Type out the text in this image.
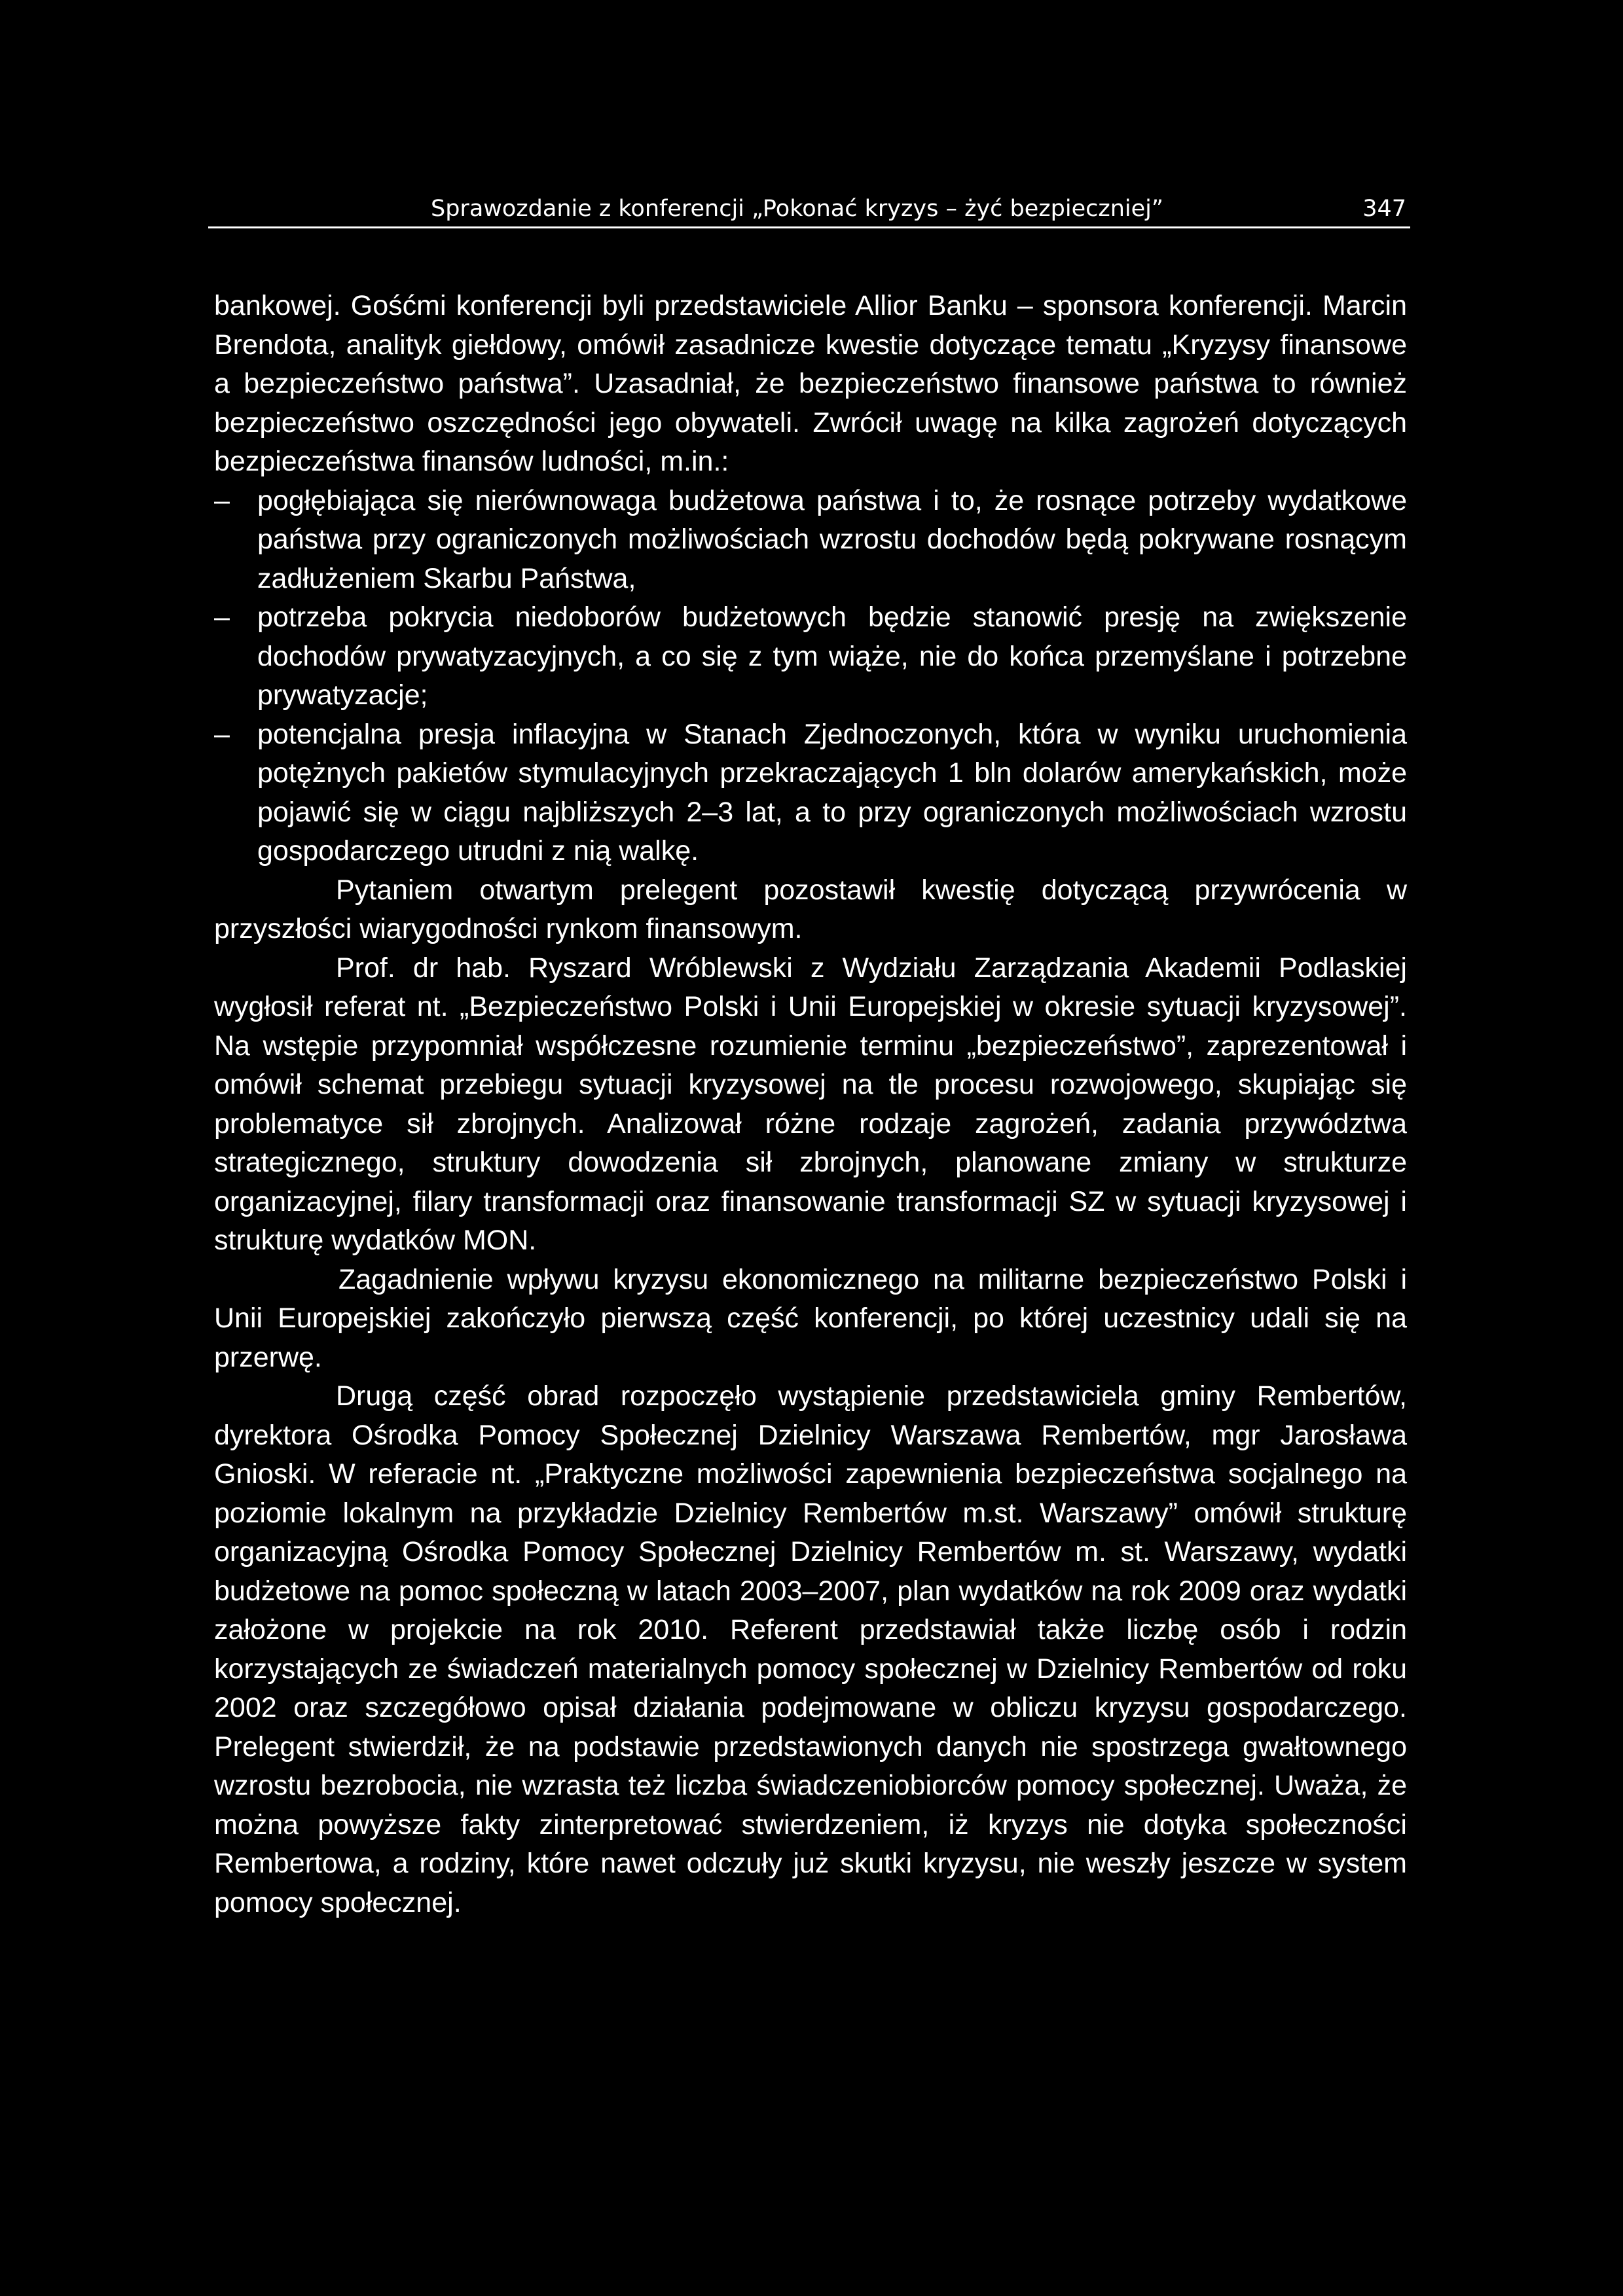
Sprawozdanie z konferencji „Pokonać kryzys – żyć bezpieczniej”	347

bankowej. Gośćmi konferencji byli przedstawiciele Allior Banku – sponsora konferencji. Marcin Brendota, analityk giełdowy, omówił zasadnicze kwestie dotyczące tematu „Kryzysy finansowe a bezpieczeństwo państwa”. Uzasadniał, że bezpieczeństwo finansowe państwa to również bezpieczeństwo oszczędności jego obywateli. Zwrócił uwagę na kilka zagrożeń dotyczących bezpieczeństwa finansów ludności, m.in.:

– pogłębiająca się nierównowaga budżetowa państwa i to, że rosnące potrzeby wydatkowe państwa przy ograniczonych możliwościach wzrostu dochodów będą pokrywane rosnącym zadłużeniem Skarbu Państwa,
– potrzeba pokrycia niedoborów budżetowych będzie stanowić presję na zwiększenie dochodów prywatyzacyjnych, a co się z tym wiąże, nie do końca przemyślane i potrzebne prywatyzacje;
– potencjalna presja inflacyjna w Stanach Zjednoczonych, która w wyniku uruchomienia potężnych pakietów stymulacyjnych przekraczających 1 bln dolarów amerykańskich, może pojawić się w ciągu najbliższych 2–3 lat, a to przy ograniczonych możliwościach wzrostu gospodarczego utrudni z nią walkę.

Pytaniem otwartym prelegent pozostawił kwestię dotyczącą przywrócenia w przyszłości wiarygodności rynkom finansowym.

Prof. dr hab. Ryszard Wróblewski z Wydziału Zarządzania Akademii Podlaskiej wygłosił referat nt. „Bezpieczeństwo Polski i Unii Europejskiej w okresie sytuacji kryzysowej”. Na wstępie przypomniał współczesne rozumienie terminu „bezpieczeństwo”, zaprezentował i omówił schemat przebiegu sytuacji kryzysowej na tle procesu rozwojowego, skupiając się problematyce sił zbrojnych. Analizował różne rodzaje zagrożeń, zadania przywództwa strategicznego, struktury dowodzenia sił zbrojnych, planowane zmiany w strukturze organizacyjnej, filary transformacji oraz finansowanie transformacji SZ w sytuacji kryzysowej i strukturę wydatków MON.

Zagadnienie wpływu kryzysu ekonomicznego na militarne bezpieczeństwo Polski i Unii Europejskiej zakończyło pierwszą część konferencji, po której uczestnicy udali się na przerwę.

Drugą część obrad rozpoczęło wystąpienie przedstawiciela gminy Rembertów, dyrektora Ośrodka Pomocy Społecznej Dzielnicy Warszawa Rembertów, mgr Jarosława Gnioski. W referacie nt. „Praktyczne możliwości zapewnienia bezpieczeństwa socjalnego na poziomie lokalnym na przykładzie Dzielnicy Rembertów m.st. Warszawy” omówił strukturę organizacyjną Ośrodka Pomocy Społecznej Dzielnicy Rembertów m. st. Warszawy, wydatki budżetowe na pomoc społeczną w latach 2003–2007, plan wydatków na rok 2009 oraz wydatki założone w projekcie na rok 2010. Referent przedstawiał także liczbę osób i rodzin korzystających ze świadczeń materialnych pomocy społecznej w Dzielnicy Rembertów od roku 2002 oraz szczegółowo opisał działania podejmowane w obliczu kryzysu gospodarczego. Prelegent stwierdził, że na podstawie przedstawionych danych nie spostrzega gwałtownego wzrostu bezrobocia, nie wzrasta też liczba świadczeniobiorców pomocy społecznej. Uważa, że można powyższe fakty zinterpretować stwierdzeniem, iż kryzys nie dotyka społeczności Rembertowa, a rodziny, które nawet odczuły już skutki kryzysu, nie weszły jeszcze w system pomocy społecznej.
